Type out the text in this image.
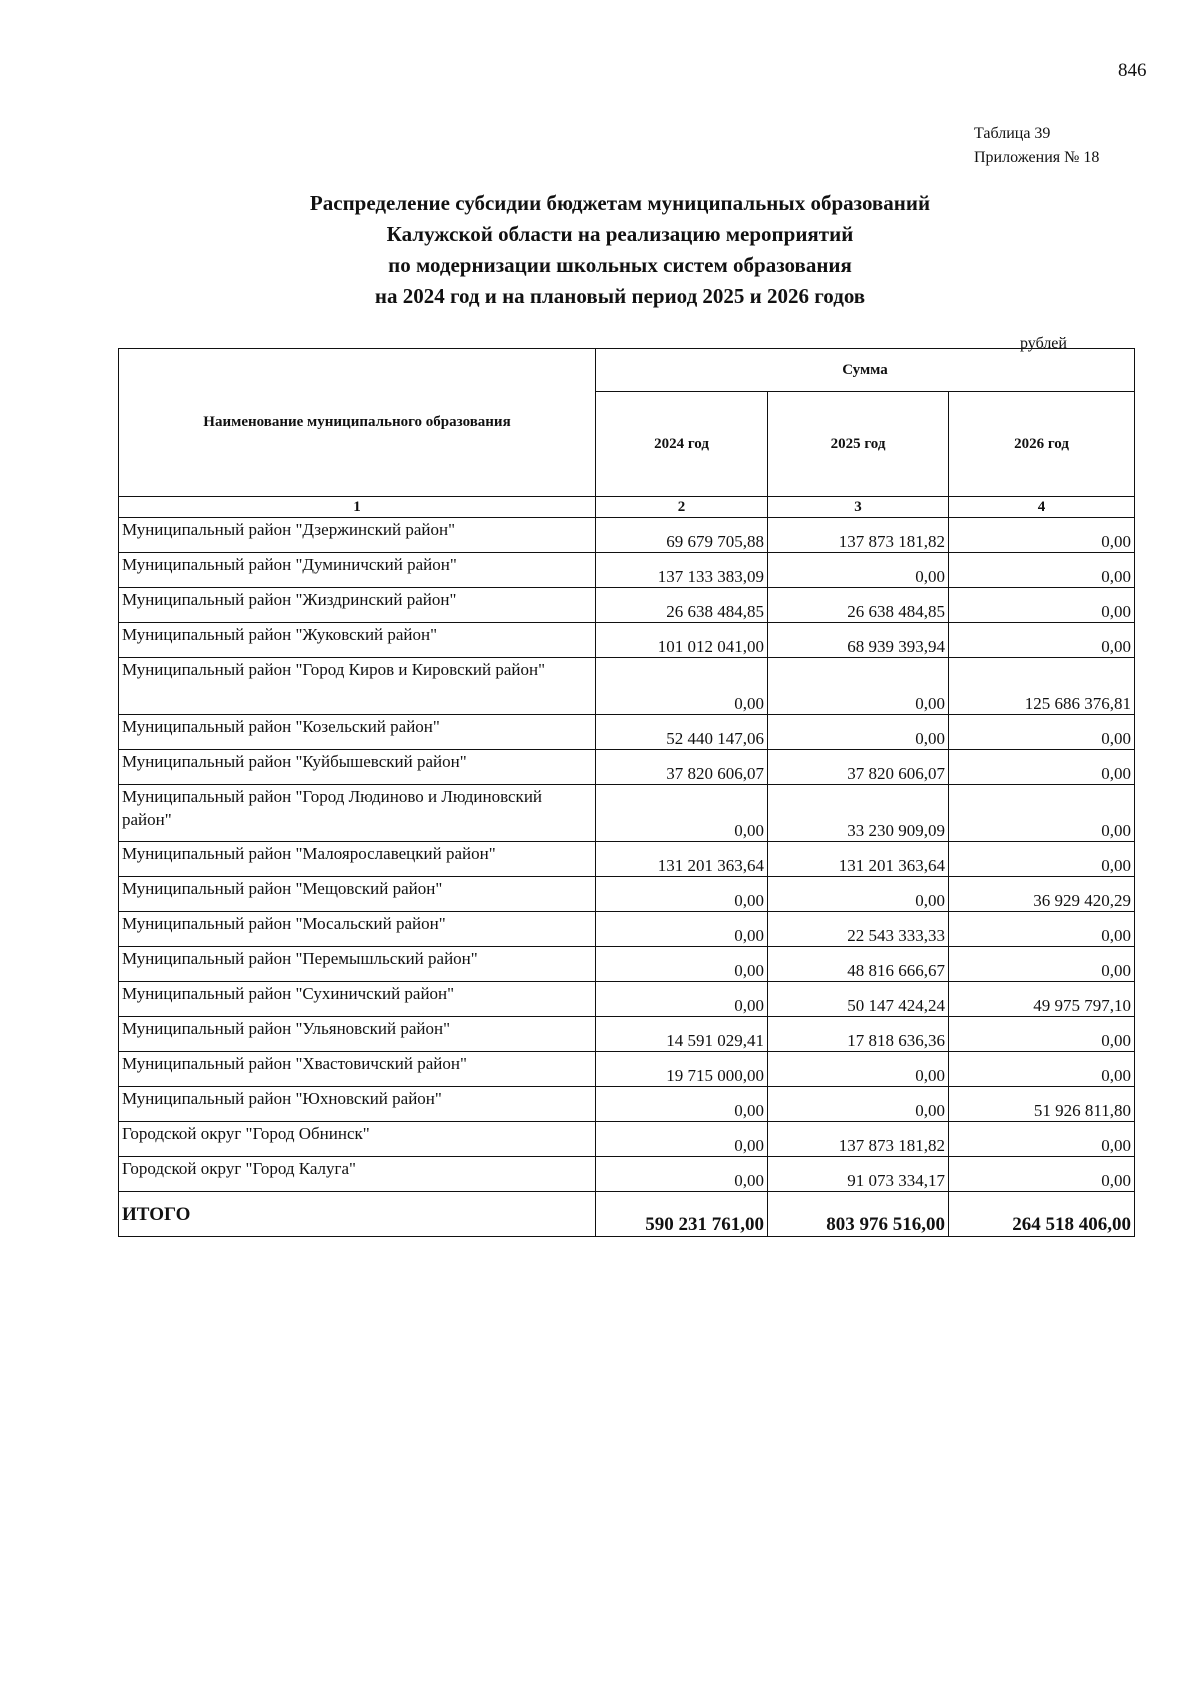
846
Таблица 39
Приложения № 18
Распределение субсидии бюджетам муниципальных образований
Калужской области на реализацию мероприятий
по модернизации школьных систем образования
на 2024 год и на плановый период 2025 и 2026 годов
рублей
Наименование муниципального образования	Сумма		
	2024 год	2025 год	2026 год
1	2	3	4
Муниципальный район "Дзержинский район"	69 679 705,88	137 873 181,82	0,00
Муниципальный район "Думиничский район"	137 133 383,09	0,00	0,00
Муниципальный район "Жиздринский район"	26 638 484,85	26 638 484,85	0,00
Муниципальный район "Жуковский район"	101 012 041,00	68 939 393,94	0,00
Муниципальный район "Город Киров и Кировский район"	0,00	0,00	125 686 376,81
Муниципальный район "Козельский район"	52 440 147,06	0,00	0,00
Муниципальный район "Куйбышевский район"	37 820 606,07	37 820 606,07	0,00
Муниципальный район "Город Людиново и Людиновский район"	0,00	33 230 909,09	0,00
Муниципальный район "Малоярославецкий район"	131 201 363,64	131 201 363,64	0,00
Муниципальный район "Мещовский район"	0,00	0,00	36 929 420,29
Муниципальный район "Мосальский район"	0,00	22 543 333,33	0,00
Муниципальный район "Перемышльский район"	0,00	48 816 666,67	0,00
Муниципальный район "Сухиничский район"	0,00	50 147 424,24	49 975 797,10
Муниципальный район "Ульяновский район"	14 591 029,41	17 818 636,36	0,00
Муниципальный район "Хвастовичский район"	19 715 000,00	0,00	0,00
Муниципальный район "Юхновский район"	0,00	0,00	51 926 811,80
Городской округ "Город Обнинск"	0,00	137 873 181,82	0,00
Городской округ "Город Калуга"	0,00	91 073 334,17	0,00
ИТОГО	590 231 761,00	803 976 516,00	264 518 406,00
